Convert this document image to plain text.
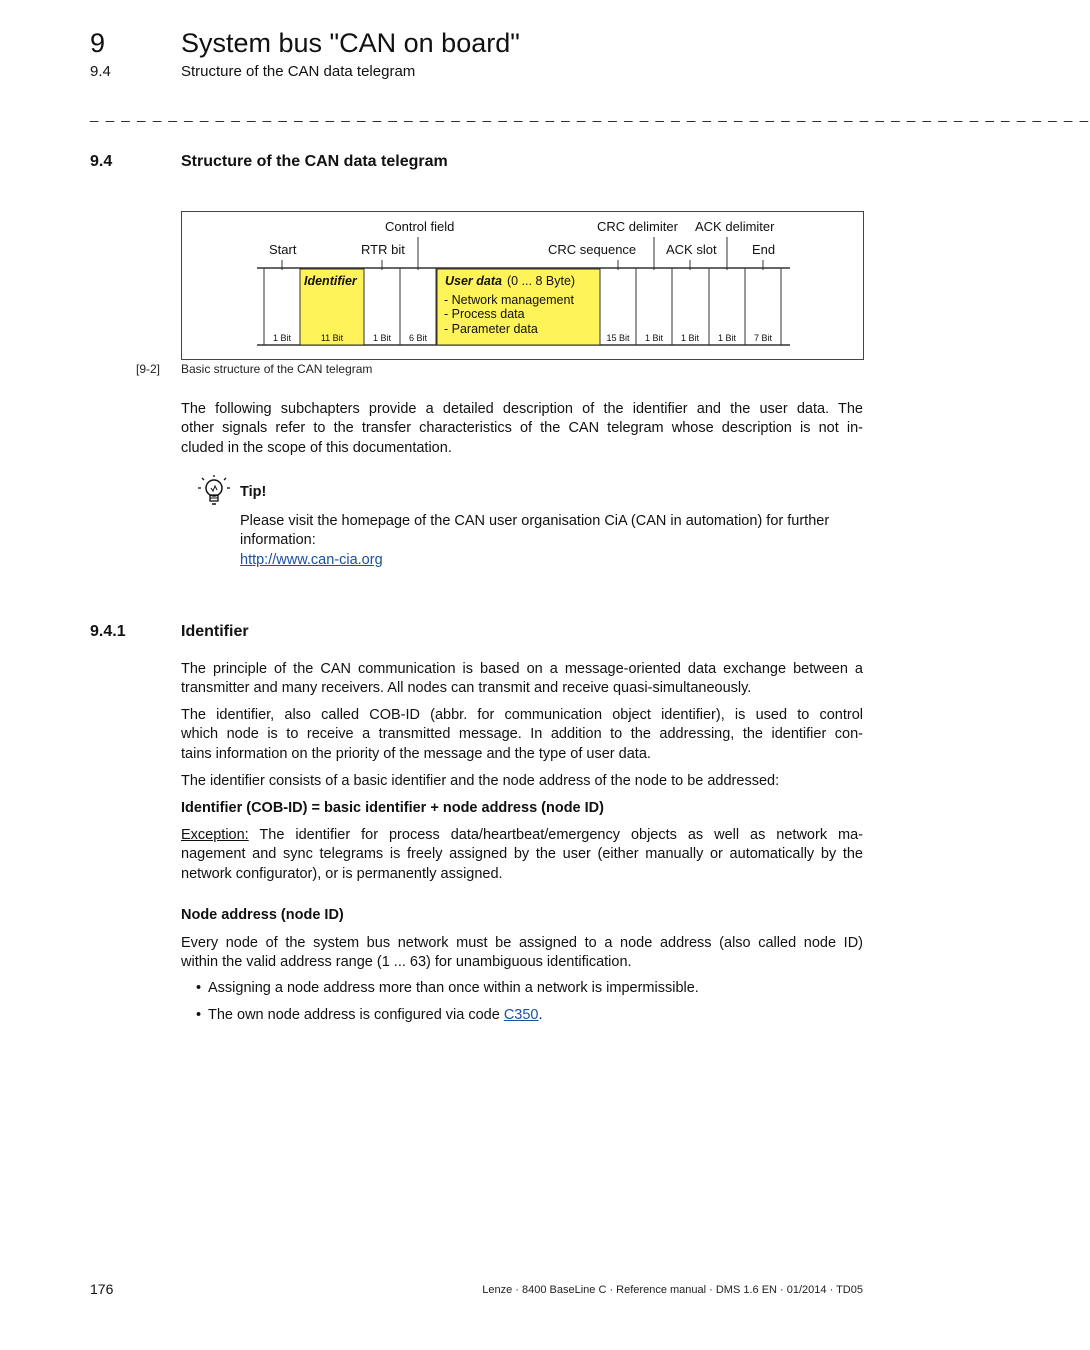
9	System bus "CAN on board"
9.4	Structure of the CAN data telegram
_ _ _ _ _ _ _ _ _ _ _ _ _ _ _ _ _ _ _ _ _ _ _ _ _ _ _ _ _ _ _ _ _ _ _ _ _ _ _ _ _ _ _ _ _ _ _ _ _ _ _ _ _ _ _ _ _ _ _ _ _ _ _ _
9.4	Structure of the CAN data telegram
Control field	CRC delimiter ACK delimiter
Start	RTR bit	CRC sequence ACK slot	End
Identifier	User data (0 ... 8 Byte)
- Network management
- Process data
- Parameter data
1 Bit	11 Bit	1 Bit 6 Bit	15 Bit 1 Bit 1 Bit 1 Bit 7 Bit
[9-2] Basic structure of the CAN telegram
The following subchapters provide a detailed description of the identifier and the user data. The
other signals refer to the transfer characteristics of the CAN telegram whose description is not in-
cluded in the scope of this documentation.
Tip!
Please visit the homepage of the CAN user organisation CiA (CAN in automation) for further
information:
http://www.can-cia.org
9.4.1	Identifier
The principle of the CAN communication is based on a message-oriented data exchange between a
transmitter and many receivers. All nodes can transmit and receive quasi-simultaneously.
The identifier, also called COB-ID (abbr. for communication object identifier), is used to control
which node is to receive a transmitted message. In addition to the addressing, the identifier con-
tains information on the priority of the message and the type of user data.
The identifier consists of a basic identifier and the node address of the node to be addressed:
Identifier (COB-ID) = basic identifier + node address (node ID)
Exception: The identifier for process data/heartbeat/emergency objects as well as network ma-
nagement and sync telegrams is freely assigned by the user (either manually or automatically by the
network configurator), or is permanently assigned.
Node address (node ID)
Every node of the system bus network must be assigned to a node address (also called node ID)
within the valid address range (1 ... 63) for unambiguous identification.
• Assigning a node address more than once within a network is impermissible.
• The own node address is configured via code C350.
176	Lenze · 8400 BaseLine C · Reference manual · DMS 1.6 EN · 01/2014 · TD05
